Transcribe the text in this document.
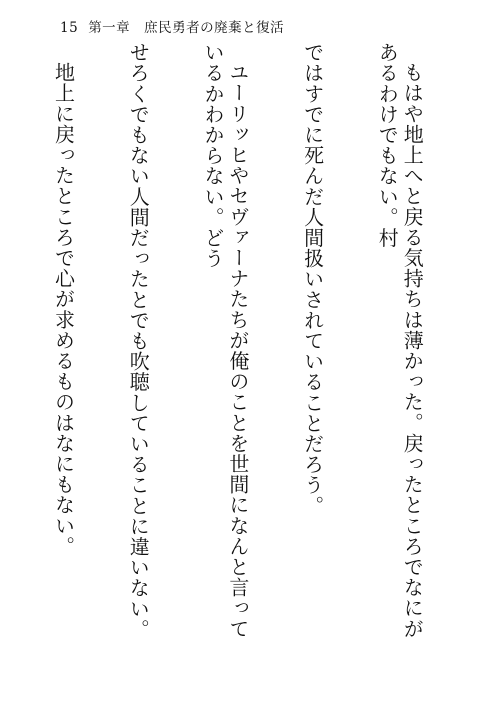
15 第一章　庶民勇者の廃棄と復活

もはや地上へと戻る気持ちは薄かった。戻ったところでなにがあるわけでもない。村

ではすでに死んだ人間扱いされていることだろう。

ユーリッヒやセヴァーナたちが俺のことを世間になんと言っているかわからない。どう

せろくでもない人間だったとでも吹聴していることに違いない。

地上に戻ったところで心が求めるものはなにもない。
